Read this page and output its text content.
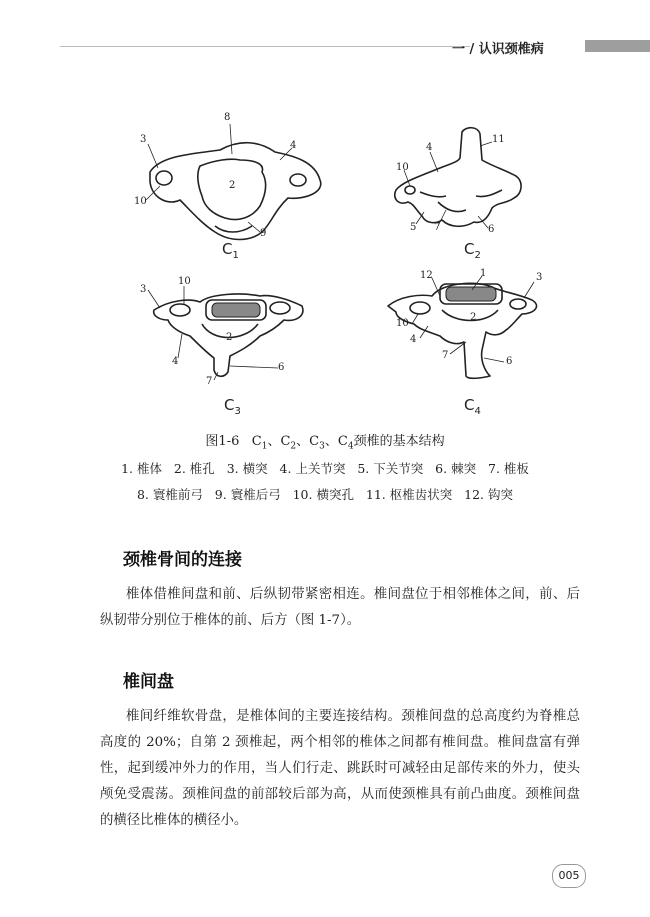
一 / 认识颈椎病
8
3
4
2
10
9
11
4
10
5 7	6
10
3
2
4
6
7
12	1	3
2
10
4
7
6
$C_1$	$C_2$
$C_3$	$C_4$
图1-6   $C_1$、$C_2$、$C_3$、$C_4$颈椎的基本结构
1. 椎体   2. 椎孔   3. 横突   4. 上关节突   5. 下关节突   6. 棘突   7. 椎板
8. 寰椎前弓   9. 寰椎后弓   10. 横突孔   11. 枢椎齿状突   12. 钩突
颈椎骨间的连接
椎体借椎间盘和前、后纵韧带紧密相连。椎间盘位于相邻椎体之间，前、后纵韧带分别位于椎体的前、后方（图 1-7）。
椎间盘
椎间纤维软骨盘，是椎体间的主要连接结构。颈椎间盘的总高度约为脊椎总高度的 20%；自第 2 颈椎起，两个相邻的椎体之间都有椎间盘。椎间盘富有弹性，起到缓冲外力的作用，当人们行走、跳跃时可减轻由足部传来的外力，使头颅免受震荡。颈椎间盘的前部较后部为高，从而使颈椎具有前凸曲度。颈椎间盘的横径比椎体的横径小。
005
